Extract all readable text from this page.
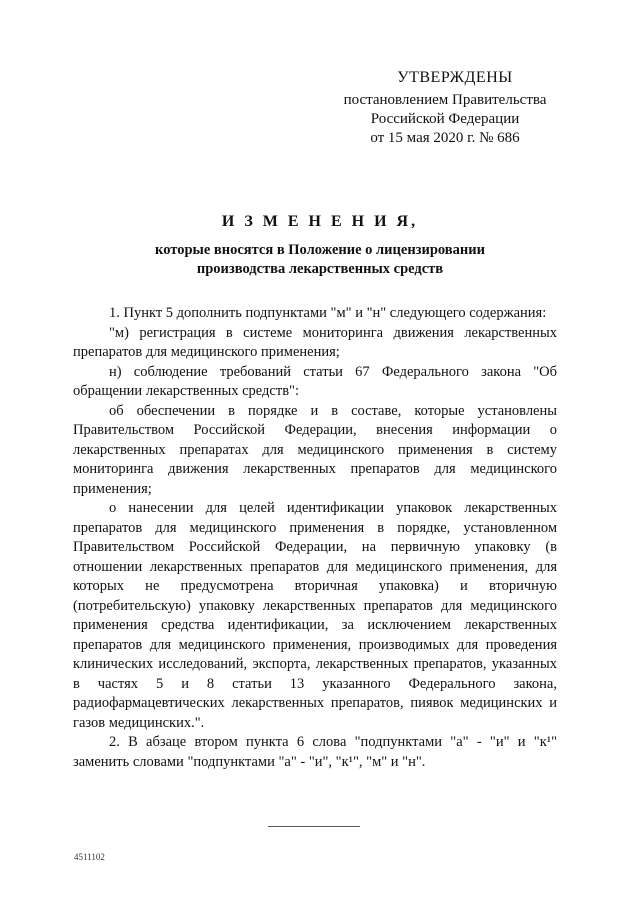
УТВЕРЖДЕНЫ
постановлением Правительства
Российской Федерации
от 15 мая 2020 г. № 686
И З М Е Н Е Н И Я,
которые вносятся в Положение о лицензировании
производства лекарственных средств

1. Пункт 5 дополнить подпунктами "м" и "н" следующего содержания:

"м) регистрация в системе мониторинга движения лекарственных препаратов для медицинского применения;

н) соблюдение требований статьи 67 Федерального закона "Об обращении лекарственных средств":

об обеспечении в порядке и в составе, которые установлены Правительством Российской Федерации, внесения информации о лекарственных препаратах для медицинского применения в систему мониторинга движения лекарственных препаратов для медицинского применения;

о нанесении для целей идентификации упаковок лекарственных препаратов для медицинского применения в порядке, установленном Правительством Российской Федерации, на первичную упаковку (в отношении лекарственных препаратов для медицинского применения, для которых не предусмотрена вторичная упаковка) и вторичную (потребительскую) упаковку лекарственных препаратов для медицинского применения средства идентификации, за исключением лекарственных препаратов для медицинского применения, производимых для проведения клинических исследований, экспорта, лекарственных препаратов, указанных в частях 5 и 8 статьи 13 указанного Федерального закона, радиофармацевтических лекарственных препаратов, пиявок медицинских и газов медицинских.".

2. В абзаце втором пункта 6 слова "подпунктами "а" - "и" и "к¹" заменить словами "подпунктами "а" - "и", "к¹", "м" и "н".

4511102
